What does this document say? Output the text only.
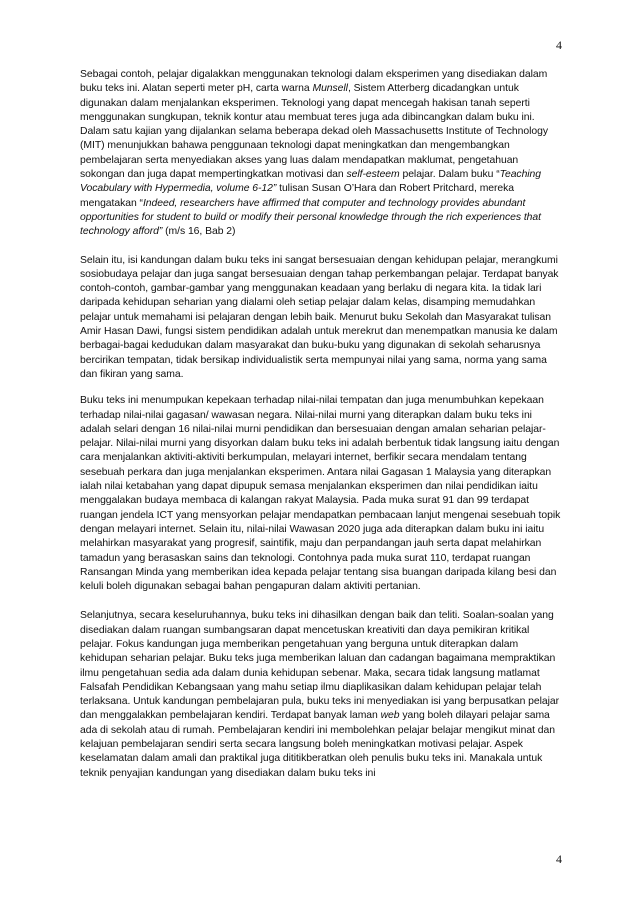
4

Sebagai contoh, pelajar digalakkan menggunakan teknologi dalam eksperimen yang disediakan dalam buku teks ini. Alatan seperti meter pH, carta warna Munsell, Sistem Atterberg dicadangkan untuk digunakan dalam menjalankan eksperimen. Teknologi yang dapat mencegah hakisan tanah seperti menggunakan sungkupan, teknik kontur atau membuat teres juga ada dibincangkan dalam buku ini. Dalam satu kajian yang dijalankan selama beberapa dekad oleh Massachusetts Institute of Technology (MIT) menunjukkan bahawa penggunaan teknologi dapat meningkatkan dan mengembangkan pembelajaran serta menyediakan akses yang luas dalam mendapatkan maklumat, pengetahuan sokongan dan juga dapat mempertingkatkan motivasi dan self-esteem pelajar. Dalam buku “Teaching Vocabulary with Hypermedia, volume 6-12” tulisan Susan O’Hara dan Robert Pritchard, mereka mengatakan “Indeed, researchers have affirmed that computer and technology provides abundant opportunities for student to build or modify their personal knowledge through the rich experiences that technology afford” (m/s 16, Bab 2)

Selain itu, isi kandungan dalam buku teks ini sangat bersesuaian dengan kehidupan pelajar, merangkumi sosiobudaya pelajar dan juga sangat bersesuaian dengan tahap perkembangan pelajar. Terdapat banyak contoh-contoh, gambar-gambar yang menggunakan keadaan yang berlaku di negara kita. Ia tidak lari daripada kehidupan seharian yang dialami oleh setiap pelajar dalam kelas, disamping memudahkan pelajar untuk memahami isi pelajaran dengan lebih baik. Menurut buku Sekolah dan Masyarakat tulisan Amir Hasan Dawi, fungsi sistem pendidikan adalah untuk merekrut dan menempatkan manusia ke dalam berbagai-bagai kedudukan dalam masyarakat dan buku-buku yang digunakan di sekolah seharusnya bercirikan tempatan, tidak bersikap individualistik serta mempunyai nilai yang sama, norma yang sama dan fikiran yang sama.

Buku teks ini menumpukan kepekaan terhadap nilai-nilai tempatan dan juga menumbuhkan kepekaan terhadap nilai-nilai gagasan/ wawasan negara. Nilai-nilai murni yang diterapkan dalam buku teks ini adalah selari dengan 16 nilai-nilai murni pendidikan dan bersesuaian dengan amalan seharian pelajar-pelajar. Nilai-nilai murni yang disyorkan dalam buku teks ini adalah berbentuk tidak langsung iaitu dengan cara menjalankan aktiviti-aktiviti berkumpulan, melayari internet, berfikir secara mendalam tentang sesebuah perkara dan juga menjalankan eksperimen. Antara nilai Gagasan 1 Malaysia yang diterapkan ialah nilai ketabahan yang dapat dipupuk semasa menjalankan eksperimen dan nilai pendidikan iaitu menggalakan budaya membaca di kalangan rakyat Malaysia. Pada muka surat 91 dan 99 terdapat ruangan jendela ICT yang mensyorkan pelajar mendapatkan pembacaan lanjut mengenai sesebuah topik dengan melayari internet. Selain itu, nilai-nilai Wawasan 2020 juga ada diterapkan dalam buku ini iaitu melahirkan masyarakat yang progresif, saintifik, maju dan perpandangan jauh serta dapat melahirkan tamadun yang berasaskan sains dan teknologi. Contohnya pada muka surat 110, terdapat ruangan Ransangan Minda yang memberikan idea kepada pelajar tentang sisa buangan daripada kilang besi dan keluli boleh digunakan sebagai bahan pengapuran dalam aktiviti pertanian.

Selanjutnya, secara keseluruhannya, buku teks ini dihasilkan dengan baik dan teliti. Soalan-soalan yang disediakan dalam ruangan sumbangsaran dapat mencetuskan kreativiti dan daya pemikiran kritikal pelajar. Fokus kandungan juga memberikan pengetahuan yang berguna untuk diterapkan dalam kehidupan seharian pelajar. Buku teks juga memberikan laluan dan cadangan bagaimana mempraktikan ilmu pengetahuan sedia ada dalam dunia kehidupan sebenar. Maka, secara tidak langsung matlamat Falsafah Pendidikan Kebangsaan yang mahu setiap ilmu diaplikasikan dalam kehidupan pelajar telah terlaksana. Untuk kandungan pembelajaran pula, buku teks ini menyediakan isi yang berpusatkan pelajar dan menggalakkan pembelajaran kendiri. Terdapat banyak laman web yang boleh dilayari pelajar sama ada di sekolah atau di rumah. Pembelajaran kendiri ini membolehkan pelajar belajar mengikut minat dan kelajuan pembelajaran sendiri serta secara langsung boleh meningkatkan motivasi pelajar. Aspek keselamatan dalam amali dan praktikal juga dititikberatkan oleh penulis buku teks ini. Manakala untuk teknik penyajian kandungan yang disediakan dalam buku teks ini

4
